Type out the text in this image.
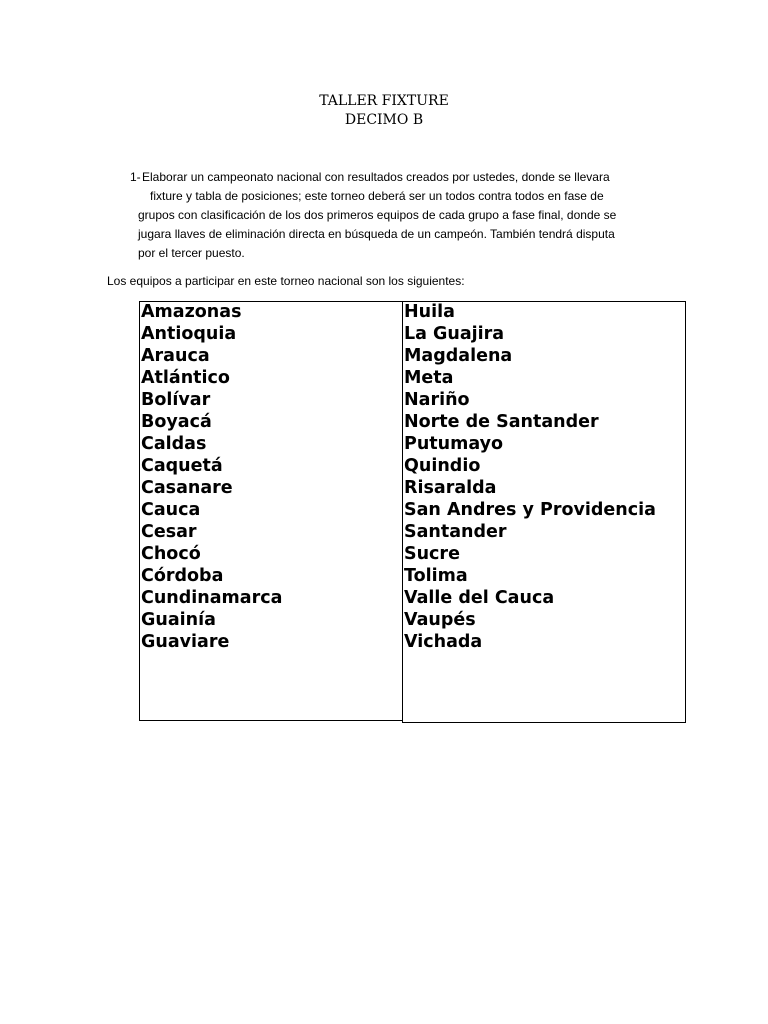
TALLER FIXTURE
DECIMO B
1- Elaborar un campeonato nacional con resultados creados por ustedes, donde se llevara
fixture y tabla de posiciones; este torneo deberá ser un todos contra todos en fase de
grupos con clasificación de los dos primeros equipos de cada grupo a fase final, donde se
jugara llaves de eliminación directa en búsqueda de un campeón. También tendrá disputa
por el tercer puesto.
Los equipos a participar en este torneo nacional son los siguientes:
Amazonas
Antioquia
Arauca
Atlántico
Bolívar
Boyacá
Caldas
Caquetá
Casanare
Cauca
Cesar
Chocó
Córdoba
Cundinamarca
Guainía
Guaviare
Huila
La Guajira
Magdalena
Meta
Nariño
Norte de Santander
Putumayo
Quindio
Risaralda
San Andres y Providencia
Santander
Sucre
Tolima
Valle del Cauca
Vaupés
Vichada
